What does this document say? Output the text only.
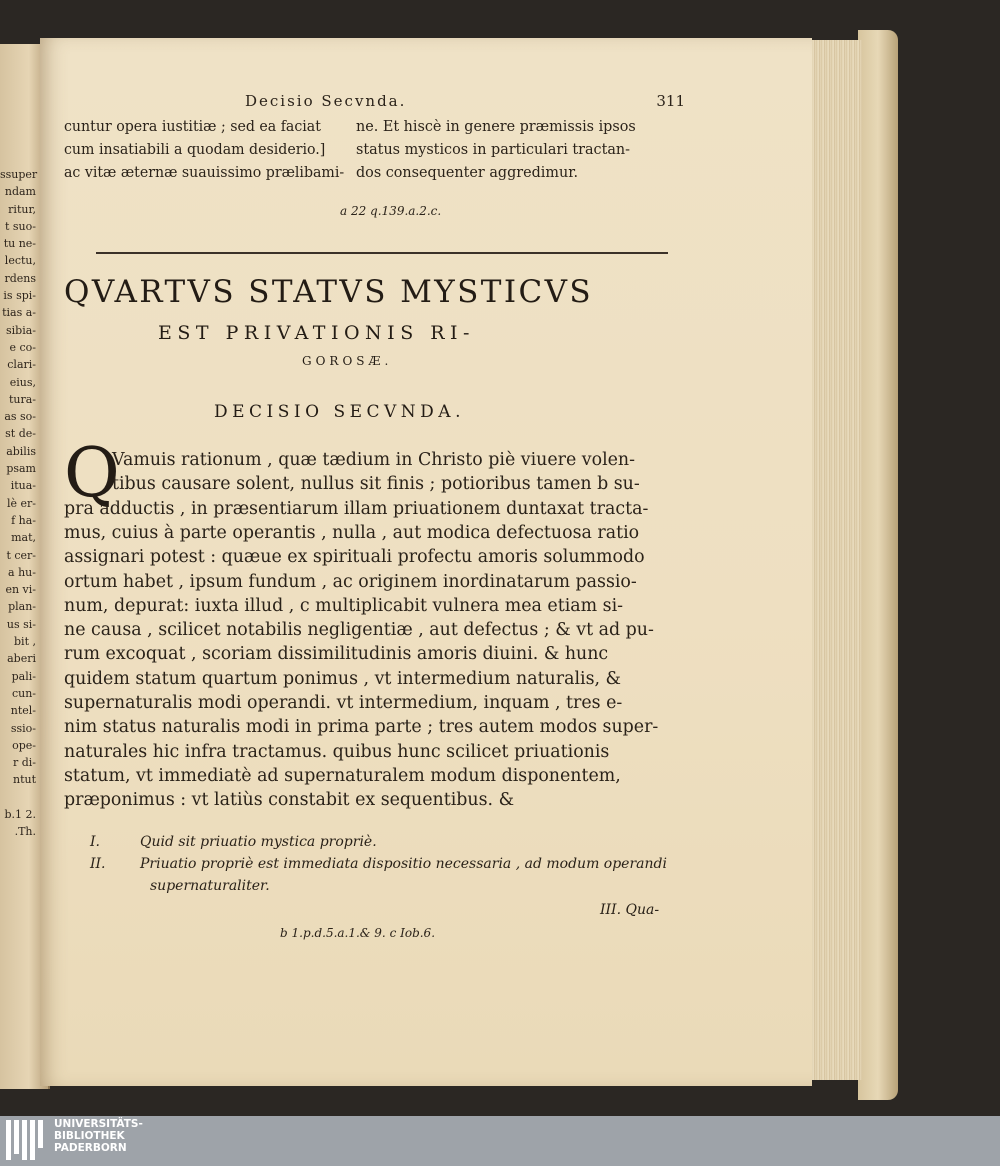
ssuper
ndam
ritur,
t suo-
tu ne-
lectu,
rdens
is spi-
tias a-
sibia-
e co-
clari-
eius,
tura-
as so-
st de-
abilis
psam
itua-
lè er-
f ha-
mat,
t cer-
a hu-
en vi-
plan-
us si-
bit ,
aberi
pali-
cun-
ntel-
ssio-
ope-
r di-
ntut

b.1 2.
.Th.
Decisio Secvnda.	311
cuntur opera iustitiæ ; sed ea faciat
cum insatiabili a quodam desiderio.]
ac vitæ æternæ suauissimo prælibami-
ne. Et hiscè in genere præmissis ipsos
status mysticos in particulari tractan-
dos consequenter aggredimur.
a 22 q.139.a.2.c.
QVARTVS STATVS MYSTICVS
EST PRIVATIONIS RI-
GOROSÆ.
DECISIO SECVNDA.
Q
Vamuis rationum , quæ tædium in Christo piè viuere volen-
tibus causare solent, nullus sit finis ; potioribus tamen b su-
pra adductis , in præsentiarum illam priuationem duntaxat tracta-
mus, cuius à parte operantis , nulla , aut modica defectuosa ratio
assignari potest : quæue ex spirituali profectu amoris solummodo
ortum habet , ipsum fundum , ac originem inordinatarum passio-
num, depurat: iuxta illud , c multiplicabit vulnera mea etiam si-
ne causa , scilicet notabilis negligentiæ , aut defectus ; & vt ad pu-
rum excoquat , scoriam dissimilitudinis amoris diuini. & hunc
quidem statum quartum ponimus , vt intermedium naturalis, &
supernaturalis modi operandi. vt intermedium, inquam , tres e-
nim status naturalis modi in prima parte ; tres autem modos super-
naturales hic infra tractamus. quibus hunc scilicet priuationis
statum, vt immediatè ad supernaturalem modum disponentem,
præponimus : vt latiùs constabit ex sequentibus. &
I.	Quid sit priuatio mystica propriè.
II. Priuatio propriè est immediata dispositio necessaria , ad modum operandi
supernaturaliter.
III. Qua-
b 1.p.d.5.a.1.& 9. c Iob.6.
UNIVERSITÄTS-
BIBLIOTHEK
PADERBORN
